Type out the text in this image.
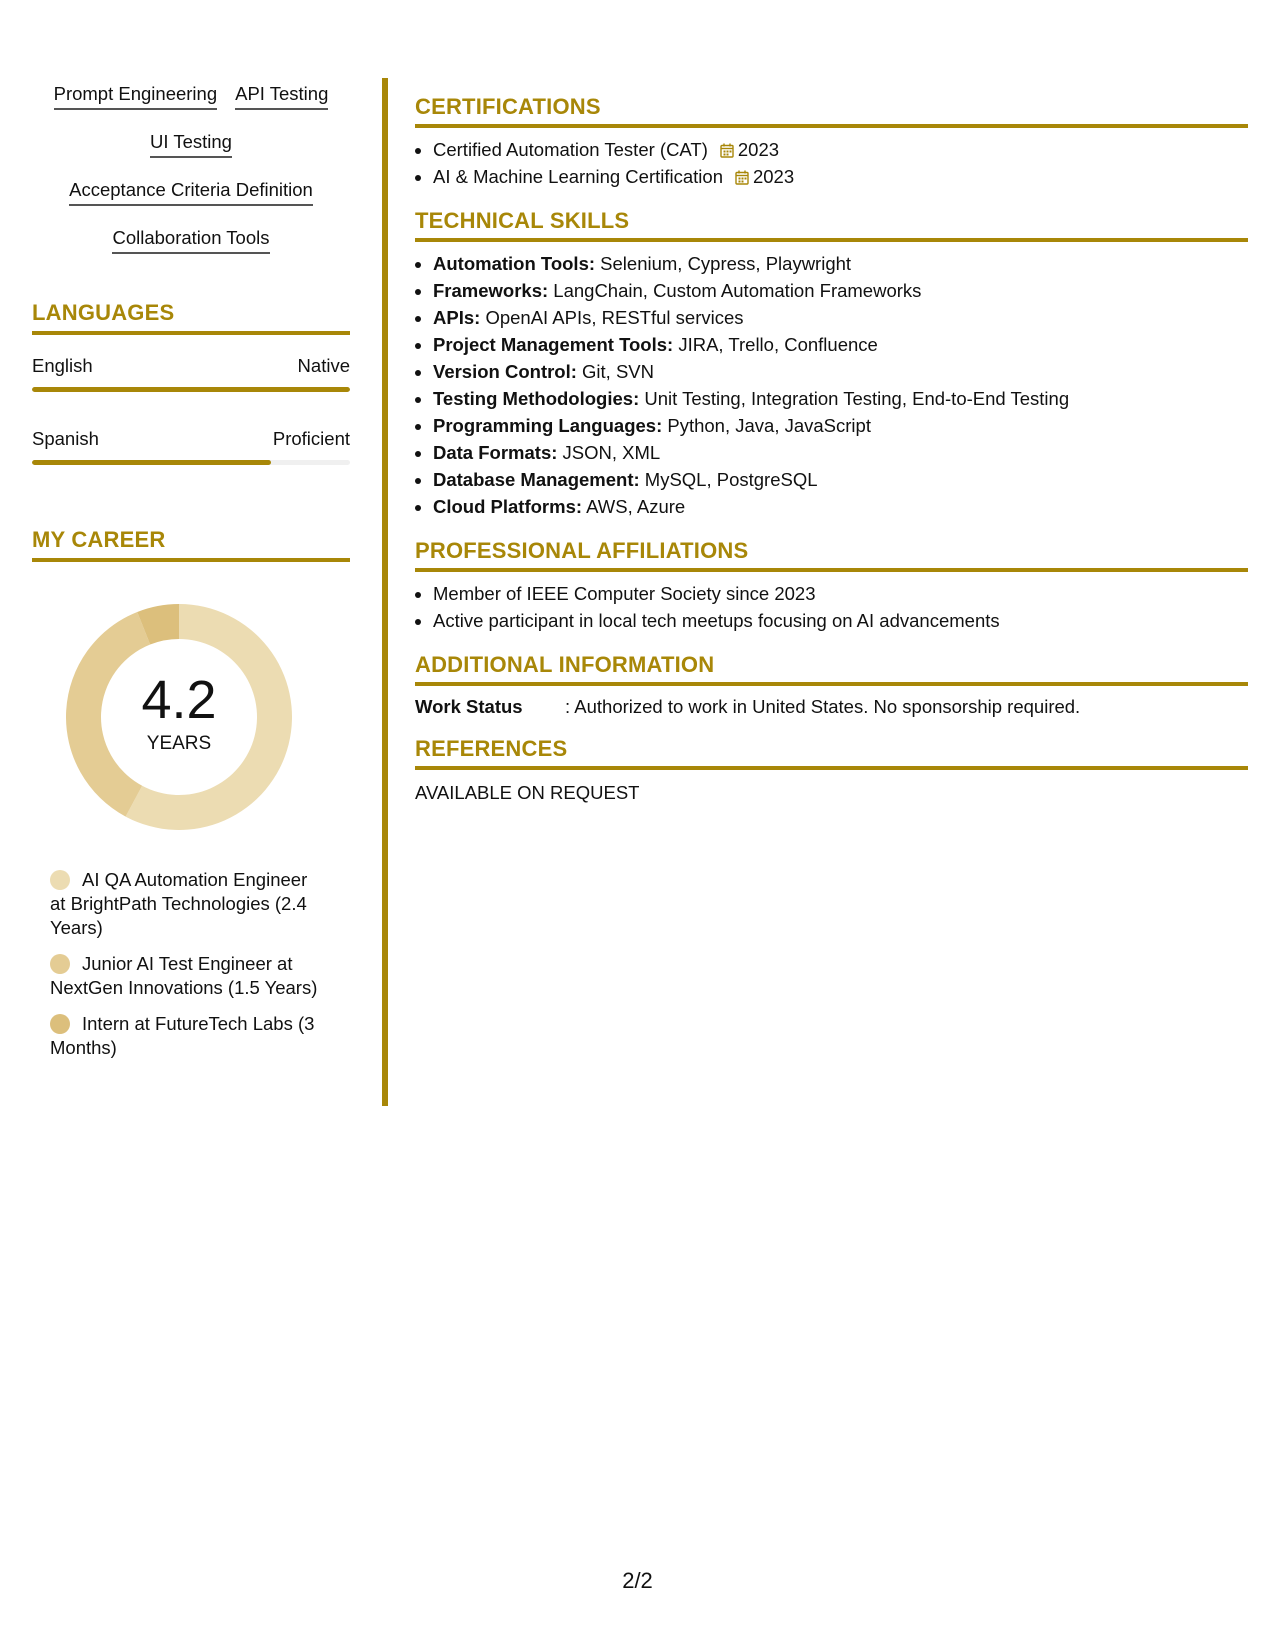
Prompt Engineering API Testing
UI Testing
Acceptance Criteria Definition
Collaboration Tools
LANGUAGES
English	Native
Spanish	Proficient
MY CAREER
4.2
YEARS
AI QA Automation Engineer at BrightPath Technologies (2.4 Years)
Junior AI Test Engineer at NextGen Innovations (1.5 Years)
Intern at FutureTech Labs (3 Months)
CERTIFICATIONS
• Certified Automation Tester (CAT) 2023
• AI & Machine Learning Certification 2023
TECHNICAL SKILLS
• Automation Tools: Selenium, Cypress, Playwright
• Frameworks: LangChain, Custom Automation Frameworks
• APIs: OpenAI APIs, RESTful services
• Project Management Tools: JIRA, Trello, Confluence
• Version Control: Git, SVN
• Testing Methodologies: Unit Testing, Integration Testing, End-to-End Testing
• Programming Languages: Python, Java, JavaScript
• Data Formats: JSON, XML
• Database Management: MySQL, PostgreSQL
• Cloud Platforms: AWS, Azure
PROFESSIONAL AFFILIATIONS
• Member of IEEE Computer Society since 2023
• Active participant in local tech meetups focusing on AI advancements
ADDITIONAL INFORMATION
Work Status	: Authorized to work in United States. No sponsorship required.
REFERENCES
AVAILABLE ON REQUEST
2/2
